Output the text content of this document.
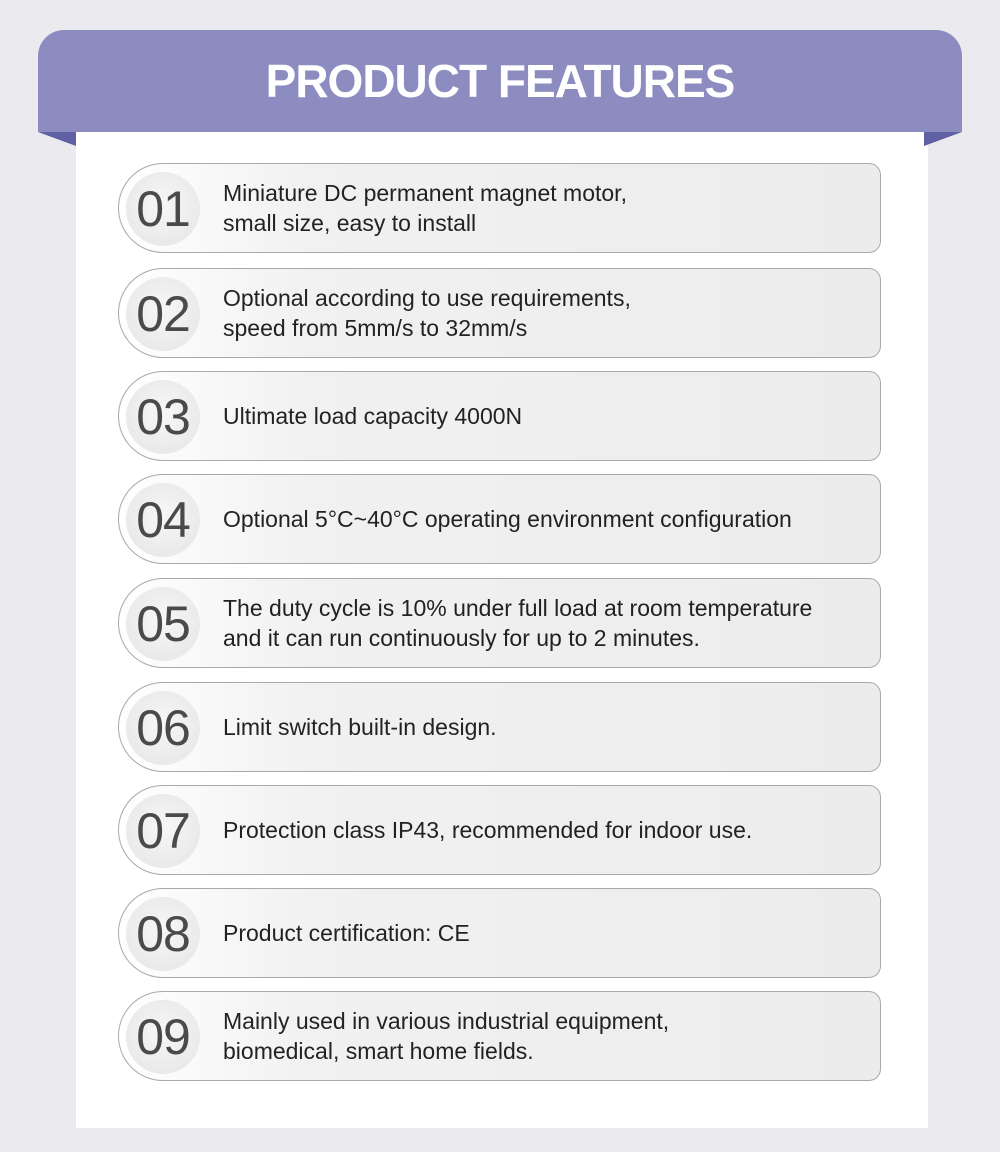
PRODUCT FEATURES
01 Miniature DC permanent magnet motor,
small size, easy to install
02 Optional according to use requirements,
speed from 5mm/s to 32mm/s
03 Ultimate load capacity 4000N
04 Optional 5°C~40°C operating environment configuration
05 The duty cycle is 10% under full load at room temperature
and it can run continuously for up to 2 minutes.
06 Limit switch built-in design.
07 Protection class IP43, recommended for indoor use.
08 Product certification: CE
09 Mainly used in various industrial equipment,
biomedical, smart home fields.
